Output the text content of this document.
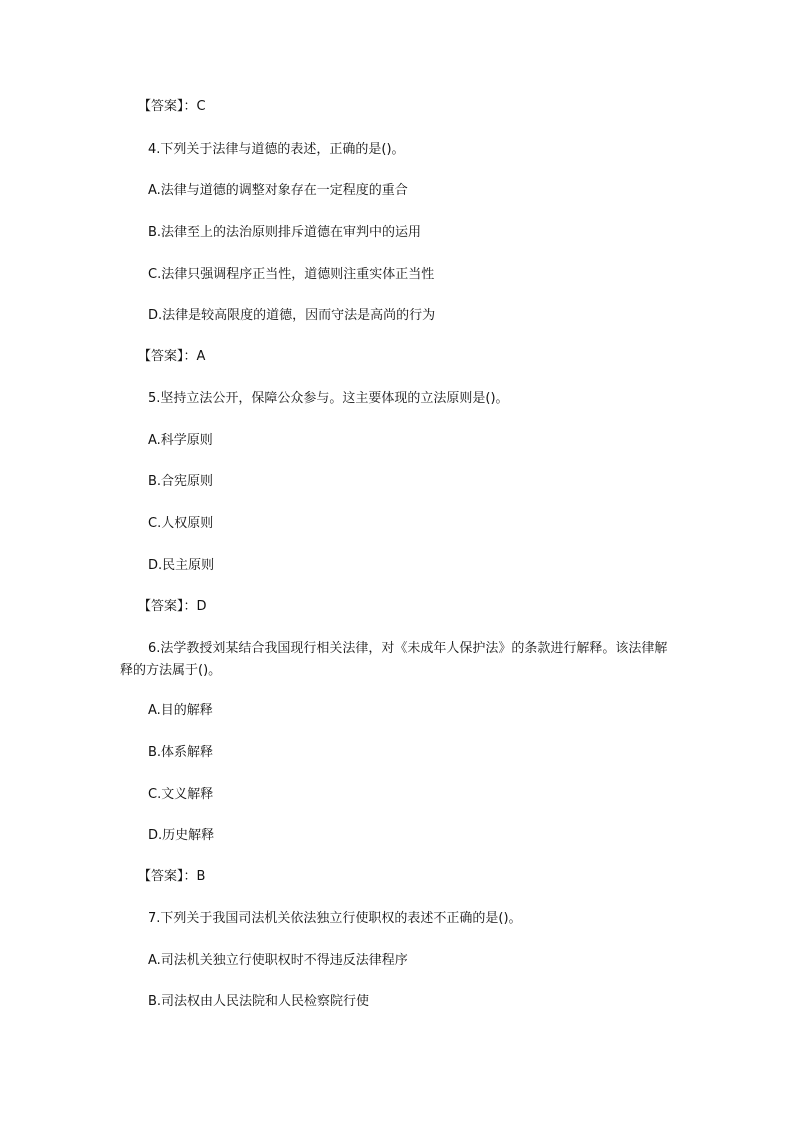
【答案】：C
4.下列关于法律与道德的表述，正确的是()。
A.法律与道德的调整对象存在一定程度的重合
B.法律至上的法治原则排斥道德在审判中的运用
C.法律只强调程序正当性，道德则注重实体正当性
D.法律是较高限度的道德，因而守法是高尚的行为
【答案】：A
5.坚持立法公开，保障公众参与。这主要体现的立法原则是()。
A.科学原则
B.合宪原则
C.人权原则
D.民主原则
【答案】：D
6.法学教授刘某结合我国现行相关法律，对《未成年人保护法》的条款进行解释。该法律解释的方法属于()。
A.目的解释
B.体系解释
C.文义解释
D.历史解释
【答案】：B
7.下列关于我国司法机关依法独立行使职权的表述不正确的是()。
A.司法机关独立行使职权时不得违反法律程序
B.司法权由人民法院和人民检察院行使
